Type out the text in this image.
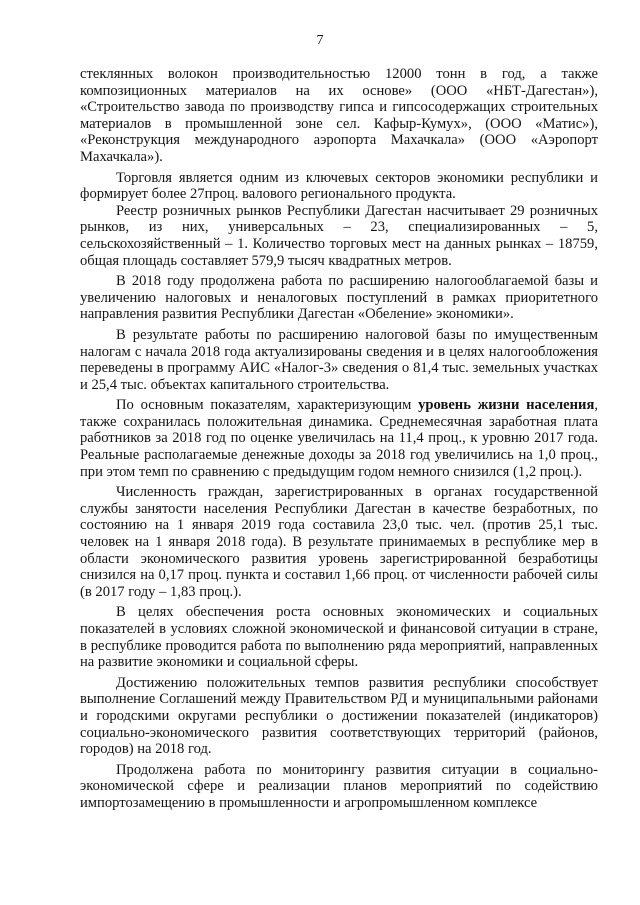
7

стеклянных волокон производительностью 12000 тонн в год, а также композиционных материалов на их основе» (ООО «НБТ-Дагестан»), «Строительство завода по производству гипса и гипсосодержащих строительных материалов в промышленной зоне сел. Кафыр-Кумух», (ООО «Матис»), «Реконструкция международного аэропорта Махачкала» (ООО «Аэропорт Махачкала»).

Торговля является одним из ключевых секторов экономики республики и формирует более 27проц. валового регионального продукта.

Реестр розничных рынков Республики Дагестан насчитывает 29 розничных рынков, из них, универсальных – 23, специализированных – 5, сельскохозяйственный – 1. Количество торговых мест на данных рынках – 18759, общая площадь составляет 579,9 тысяч квадратных метров.

В 2018 году продолжена работа по расширению налогооблагаемой базы и увеличению налоговых и неналоговых поступлений в рамках приоритетного направления развития Республики Дагестан «Обеление» экономики».

В результате работы по расширению налоговой базы по имущественным налогам с начала 2018 года актуализированы сведения и в целях налогообложения переведены в программу АИС «Налог-3» сведения о 81,4 тыс. земельных участках и 25,4 тыс. объектах капитального строительства.

По основным показателям, характеризующим уровень жизни населения, также сохранилась положительная динамика. Среднемесячная заработная плата работников за 2018 год по оценке увеличилась на 11,4 проц., к уровню 2017 года. Реальные располагаемые денежные доходы за 2018 год увеличились на 1,0 проц., при этом темп по сравнению с предыдущим годом немного снизился (1,2 проц.).

Численность граждан, зарегистрированных в органах государственной службы занятости населения Республики Дагестан в качестве безработных, по состоянию на 1 января 2019 года составила 23,0 тыс. чел. (против 25,1 тыс. человек на 1 января 2018 года). В результате принимаемых в республике мер в области экономического развития уровень зарегистрированной безработицы снизился на 0,17 проц. пункта и составил 1,66 проц. от численности рабочей силы (в 2017 году – 1,83 проц.).

В целях обеспечения роста основных экономических и социальных показателей в условиях сложной экономической и финансовой ситуации в стране, в республике проводится работа по выполнению ряда мероприятий, направленных на развитие экономики и социальной сферы.

Достижению положительных темпов развития республики способствует выполнение Соглашений между Правительством РД и муниципальными районами и городскими округами республики о достижении показателей (индикаторов) социально-экономического развития соответствующих территорий (районов, городов) на 2018 год.

Продолжена работа по мониторингу развития ситуации в социально-экономической сфере и реализации планов мероприятий по содействию импортозамещению в промышленности и агропромышленном комплексе
